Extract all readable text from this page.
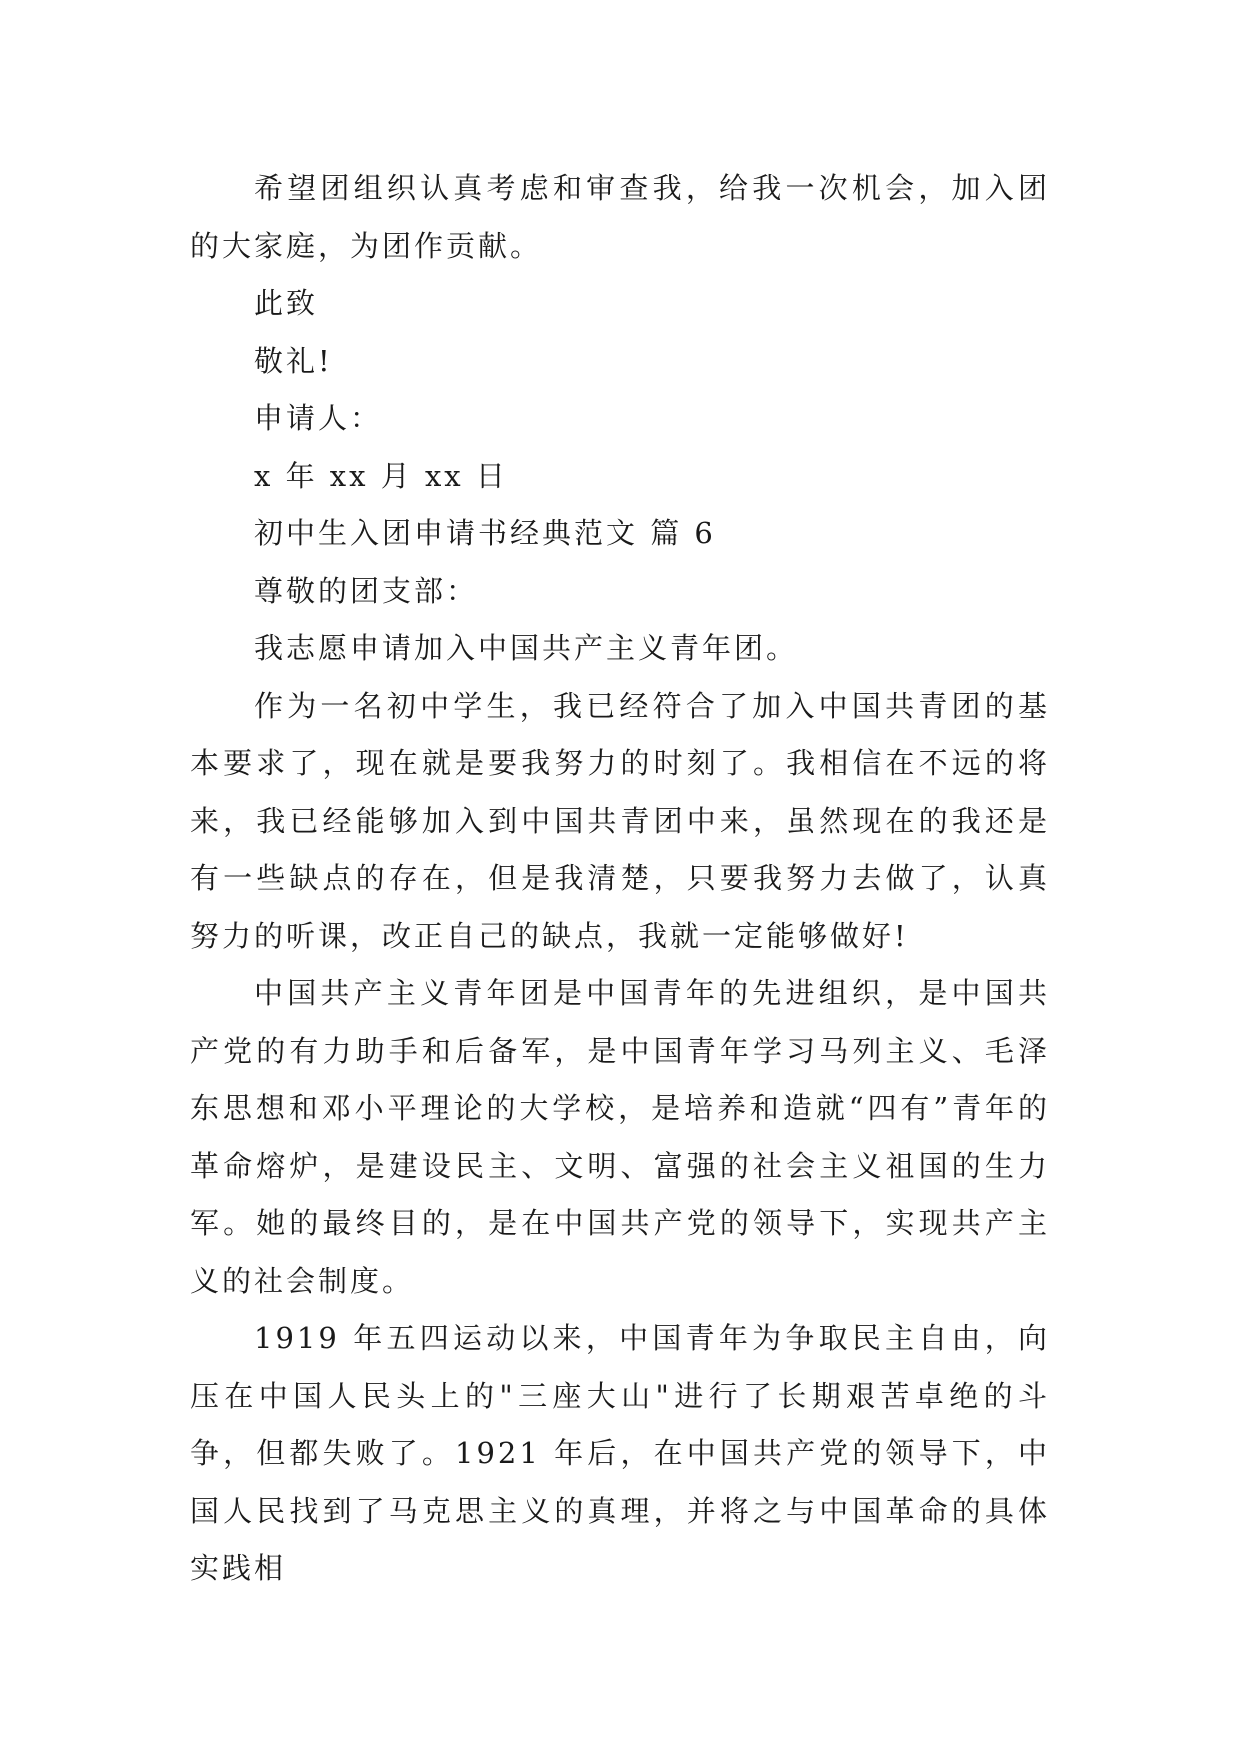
希望团组织认真考虑和审查我，给我一次机会，加入团的大家庭，为团作贡献。

此致

敬礼!

申请人：

x 年 xx 月 xx 日

初中生入团申请书经典范文 篇 6

尊敬的团支部：

我志愿申请加入中国共产主义青年团。

作为一名初中学生，我已经符合了加入中国共青团的基本要求了，现在就是要我努力的时刻了。我相信在不远的将来，我已经能够加入到中国共青团中来，虽然现在的我还是有一些缺点的存在，但是我清楚，只要我努力去做了，认真努力的听课，改正自己的缺点，我就一定能够做好!

中国共产主义青年团是中国青年的先进组织，是中国共产党的有力助手和后备军，是中国青年学习马列主义、毛泽东思想和邓小平理论的大学校，是培养和造就“四有”青年的革命熔炉，是建设民主、文明、富强的社会主义祖国的生力军。她的最终目的，是在中国共产党的领导下，实现共产主义的社会制度。

1919 年五四运动以来，中国青年为争取民主自由，向压在中国人民头上的"三座大山"进行了长期艰苦卓绝的斗争，但都失败了。1921 年后，在中国共产党的领导下，中国人民找到了马克思主义的真理，并将之与中国革命的具体实践相
